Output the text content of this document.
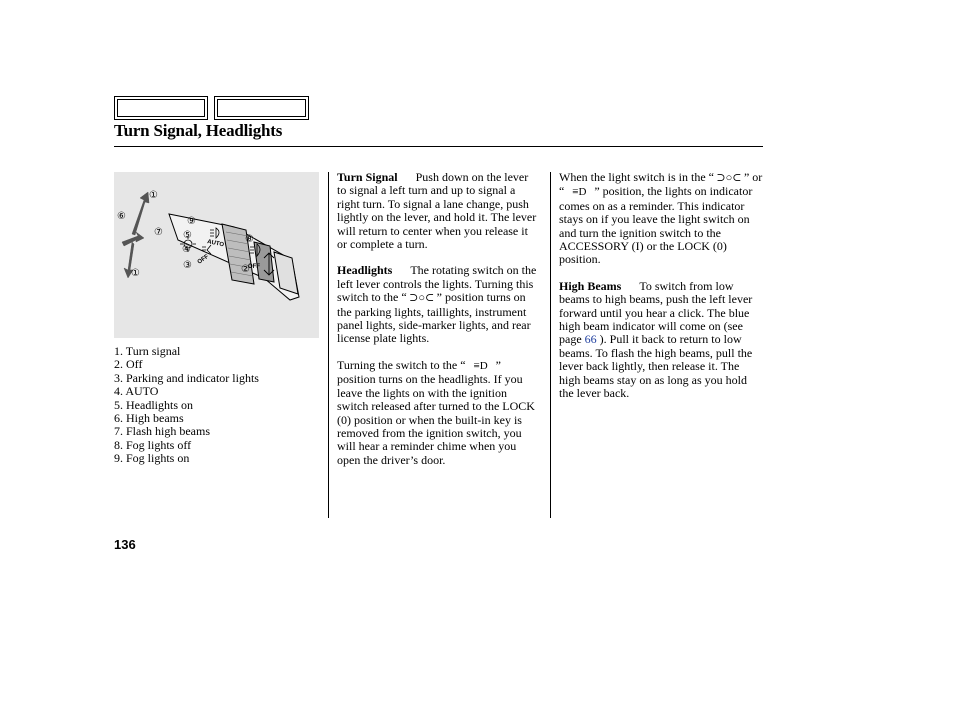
Turn Signal, Headlights
AUTO
OFF
OFF
①
⑥
①
⑦
⑨
⑧
⑤
④
③	②
1. Turn signal
2. Off
3. Parking and indicator lights
4. AUTO
5. Headlights on
6. High beams
7. Flash high beams
8. Fog lights off
9. Fog lights on

Turn Signal Push down on the lever to signal a left turn and up to signal a right turn. To signal a lane change, push lightly on the lever, and hold it. The lever will return to center when you release it or complete a turn.

Headlights The rotating switch on the left lever controls the lights. Turning this switch to the “ ⊃○⊂ ” position turns on the parking lights, taillights, instrument panel lights, side-marker lights, and rear license plate lights.

Turning the switch to the “ ≡D ” position turns on the headlights. If you leave the lights on with the ignition switch released after turned to the LOCK (0) position or when the built-in key is removed from the ignition switch, you will hear a reminder chime when you open the driver’s door.

When the light switch is in the “ ⊃○⊂ ” or “ ≡D ” position, the lights on indicator comes on as a reminder. This indicator stays on if you leave the light switch on and turn the ignition switch to the ACCESSORY (I) or the LOCK (0) position.

High Beams To switch from low beams to high beams, push the left lever forward until you hear a click. The blue high beam indicator will come on (see page 66 ). Pull it back to return to low beams. To flash the high beams, pull the lever back lightly, then release it. The high beams stay on as long as you hold the lever back.

136
